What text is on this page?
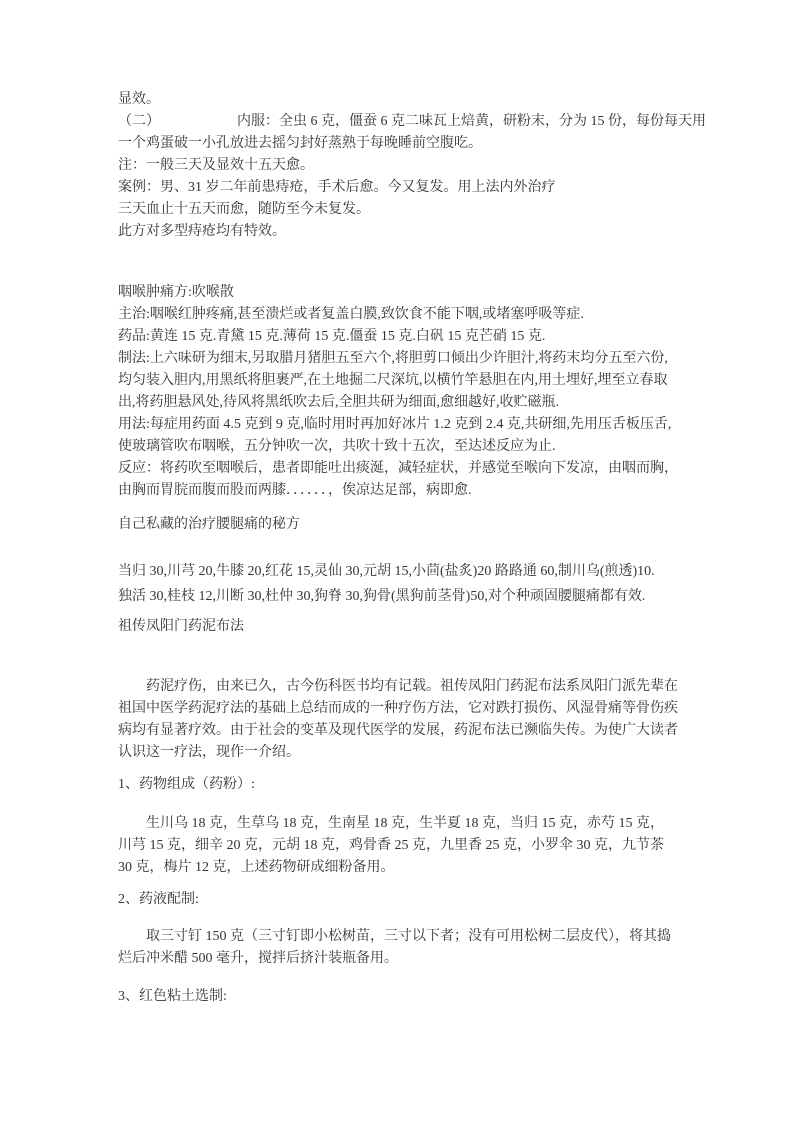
显效。

（二）　　　　　　内服：全虫 6 克，僵蚕 6 克二味瓦上焙黄，研粉末，分为 15 份，每份每天用

一个鸡蛋破一小孔放进去摇匀封好蒸熟于每晚睡前空腹吃。

注：一般三天及显效十五天愈。

案例：男、31 岁二年前患痔疮，手术后愈。今又复发。用上法内外治疗

三天血止十五天而愈，随防至今未复发。

此方对多型痔疮均有特效。

咽喉肿痛方:吹喉散

主治:咽喉红肿疼痛,甚至溃烂或者复盖白膜,致饮食不能下咽,或堵塞呼吸等症.

药品:黄连 15 克.青黛 15 克.薄荷 15 克.僵蚕 15 克.白矾 15 克芒硝 15 克.

制法:上六味研为细末,另取腊月猪胆五至六个,将胆剪口倾出少许胆汁,将药末均分五至六份,

均匀装入胆内,用黑纸将胆裹严,在土地掘二尺深坑,以横竹竿悬胆在内,用土埋好,埋至立春取

出,将药胆悬风处,待风将黑纸吹去后,全胆共研为细面,愈细越好,收贮磁瓶.

用法:每症用药面 4.5 克到 9 克,临时用时再加好冰片 1.2 克到 2.4 克,共研细,先用压舌板压舌,

使玻璃管吹布咽喉，五分钟吹一次，共吹十致十五次，至达述反应为止.

反应：将药吹至咽喉后，患者即能吐出痰涎，减轻症状，并感觉至喉向下发凉，由咽而胸，

由胸而胃脘而腹而股而两膝．．．．．．，俟凉达足部，病即愈.

自己私藏的治疗腰腿痛的秘方

当归 30,川芎 20,牛膝 20,红花 15,灵仙 30,元胡 15,小茴(盐炙)20 路路通 60,制川乌(煎透)10.

独活 30,桂枝 12,川断 30,杜仲 30,狗脊 30,狗骨(黑狗前茎骨)50,对个种顽固腰腿痛都有效.

祖传凤阳门药泥布法

　　药泥疗伤，由来已久，古今伤科医书均有记载。祖传凤阳门药泥布法系凤阳门派先辈在

祖国中医学药泥疗法的基础上总结而成的一种疗伤方法，它对跌打损伤、风湿骨痛等骨伤疾

病均有显著疗效。由于社会的变革及现代医学的发展，药泥布法已濒临失传。为使广大读者

认识这一疗法，现作一介绍。

1、药物组成（药粉）:

　　生川乌 18 克，生草乌 18 克，生南星 18 克，生半夏 18 克，当归 15 克，赤芍 15 克，

川芎 15 克，细辛 20 克，元胡 18 克，鸡骨香 25 克，九里香 25 克，小罗伞 30 克，九节茶

30 克，梅片 12 克，上述药物研成细粉备用。

2、药液配制:

　　取三寸钉 150 克（三寸钉即小松树苗，三寸以下者；没有可用松树二层皮代），将其捣

烂后冲米醋 500 毫升，搅拌后挤汁装瓶备用。

3、红色粘土选制:
